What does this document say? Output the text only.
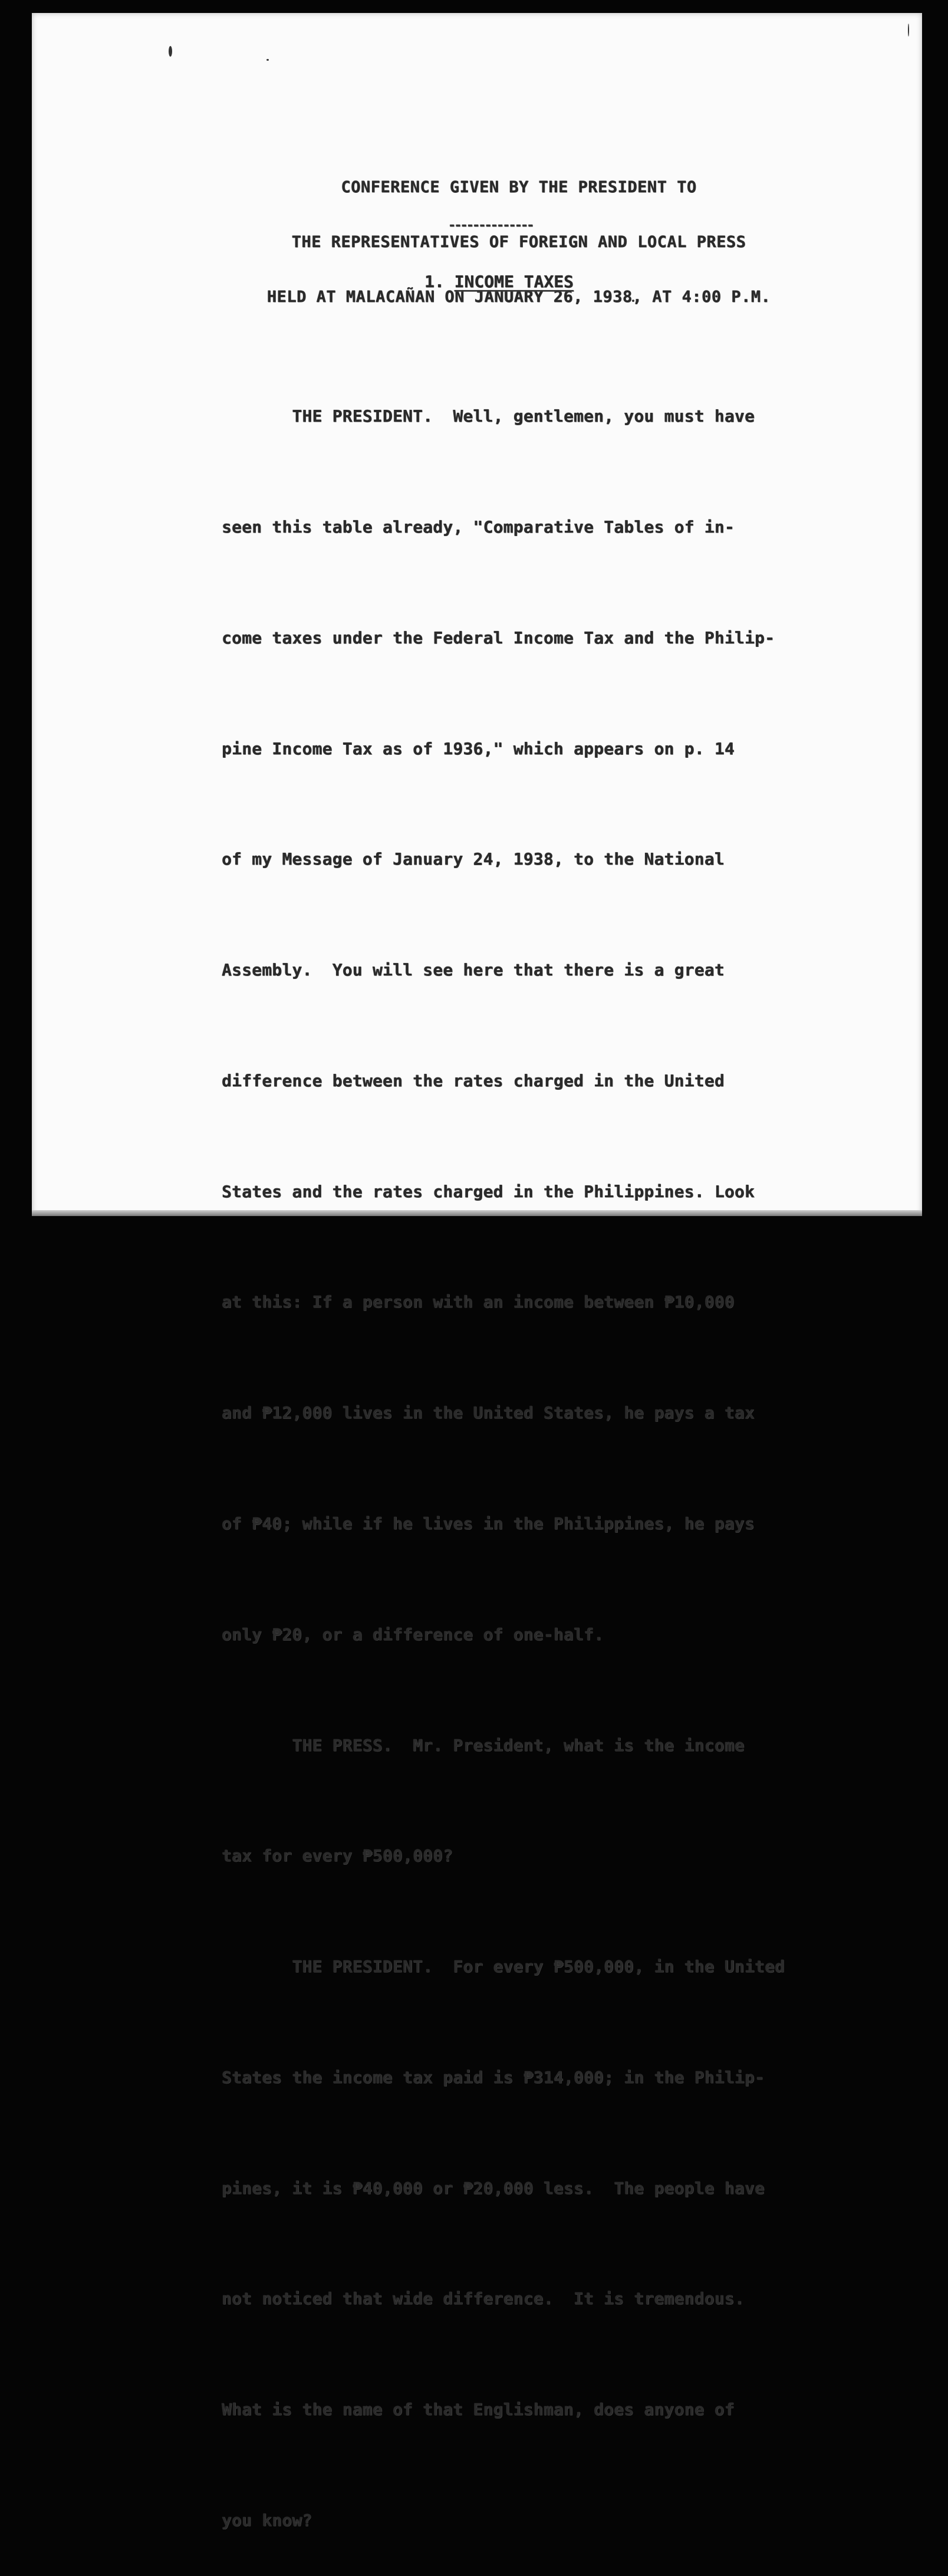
CONFERENCE GIVEN BY THE PRESIDENT TO

THE REPRESENTATIVES OF FOREIGN AND LOCAL PRESS

HELD AT MALACAÑAN ON JANUARY 26, 1938, AT 4:00 P.M.

--------------
1. INCOME TAXES

THE PRESIDENT.  Well, gentlemen, you must have

seen this table already, "Comparative Tables of in-

come taxes under the Federal Income Tax and the Philip-

pine Income Tax as of 1936," which appears on p. 14

of my Message of January 24, 1938, to the National

Assembly.  You will see here that there is a great

difference between the rates charged in the United

States and the rates charged in the Philippines. Look

at this: If a person with an income between ₱10,000

and ₱12,000 lives in the United States, he pays a tax

of ₱40; while if he lives in the Philippines, he pays

only ₱20, or a difference of one-half.

THE PRESS.  Mr. President, what is the income

tax for every ₱500,000?

THE PRESIDENT.  For every ₱500,000, in the United

States the income tax paid is ₱314,000; in the Philip-

pines, it is ₱40,000 or ₱20,000 less.  The people have

not noticed that wide difference.  It is tremendous.

What is the name of that Englishman, does anyone of

you know?
